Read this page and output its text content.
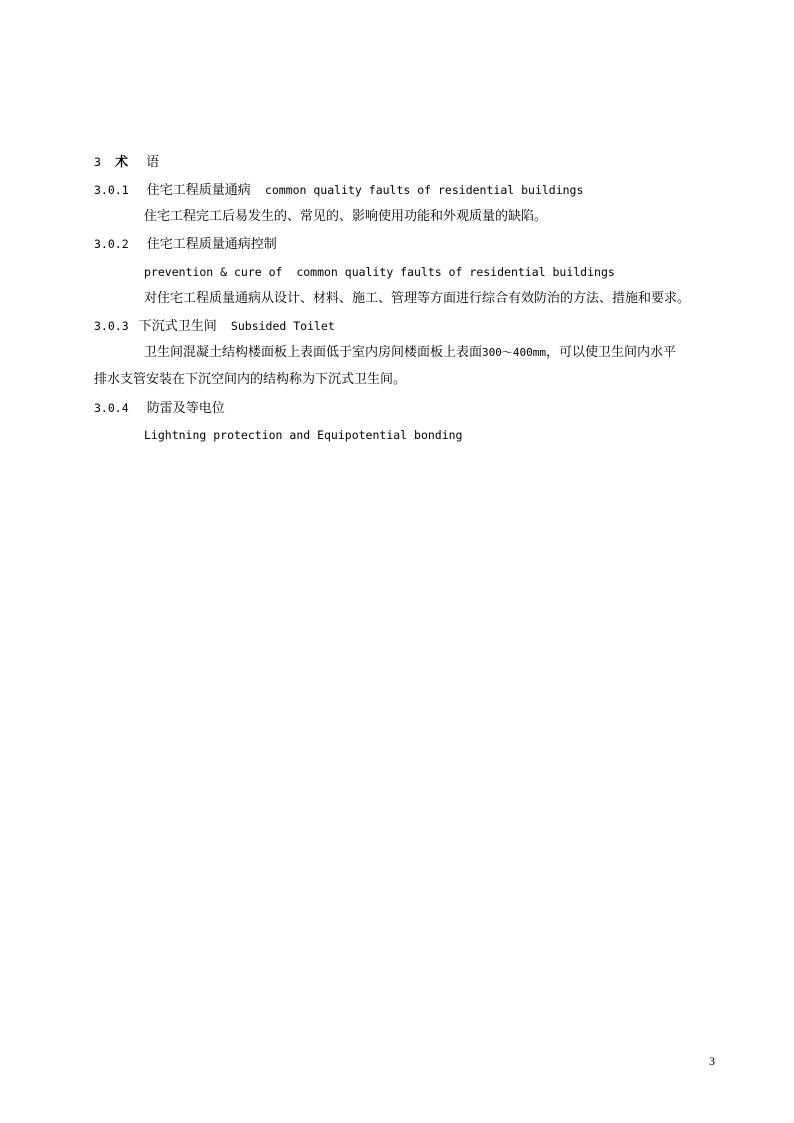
3 术 语
3.0.1 住宅工程质量通病 common quality faults of residential buildings
住宅工程完工后易发生的、常见的、影响使用功能和外观质量的缺陷。
3.0.2 住宅工程质量通病控制
prevention & cure of  common quality faults of residential buildings
对住宅工程质量通病从设计、材料、施工、管理等方面进行综合有效防治的方法、措施和要求。
3.0.3 下沉式卫生间 Subsided Toilet
卫生间混凝土结构楼面板上表面低于室内房间楼面板上表面300～400mm，可以使卫生间内水平
排水支管安装在下沉空间内的结构称为下沉式卫生间。
3.0.4 防雷及等电位
Lightning protection and Equipotential bonding
3
